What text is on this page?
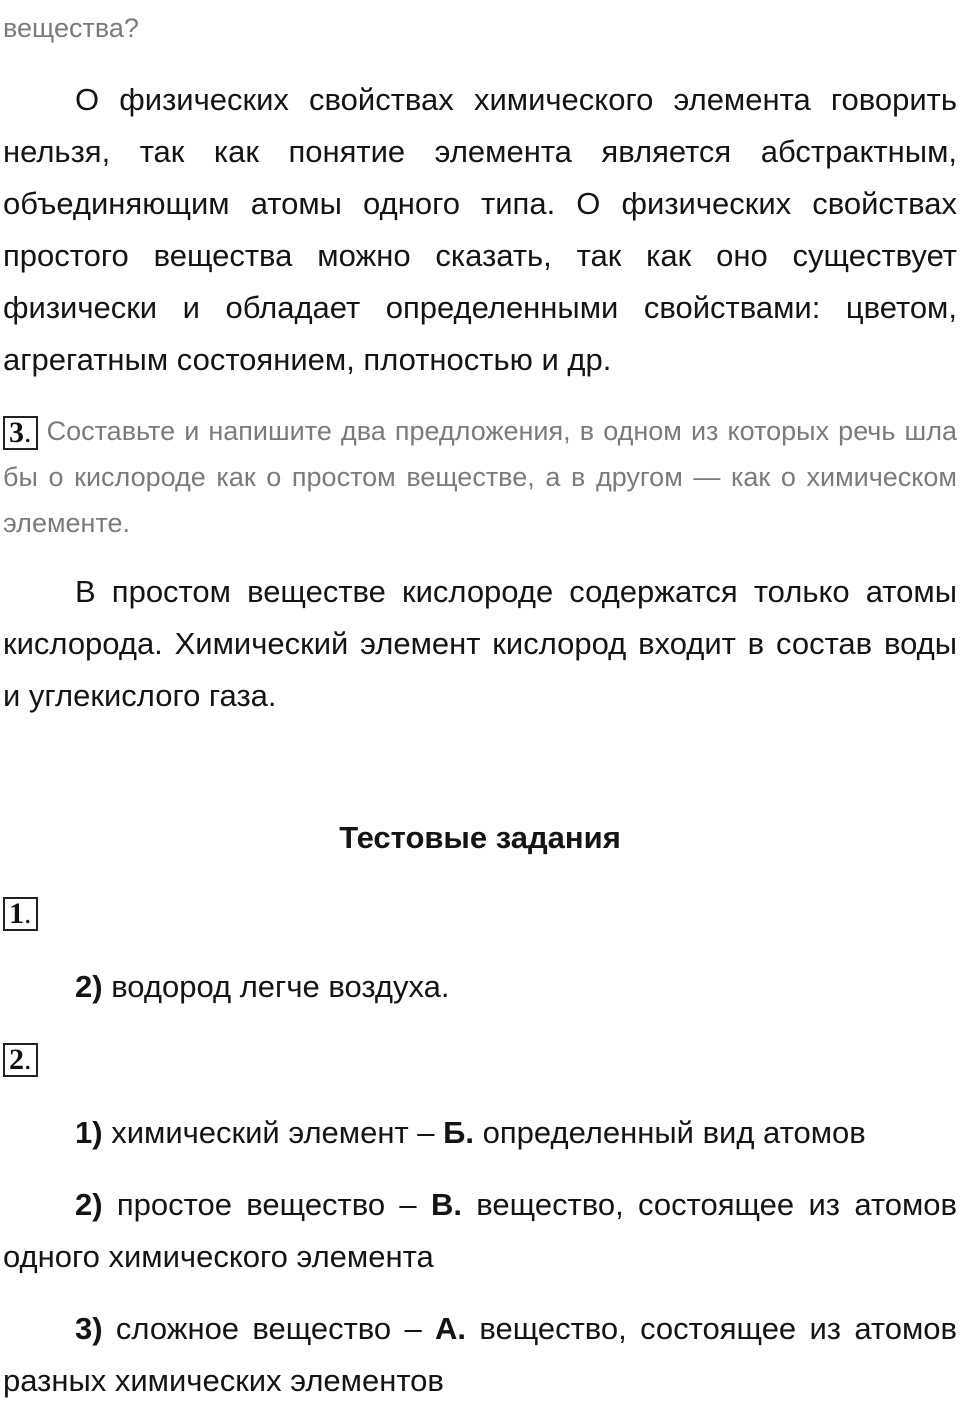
вещества?

О физических свойствах химического элемента говорить нельзя, так как понятие элемента является абстрактным, объединяющим атомы одного типа. О физических свойствах простого вещества можно сказать, так как оно существует физически и обладает определенными свойствами: цветом, агрегатным состоянием, плотностью и др.

3. Составьте и напишите два предложения, в одном из которых речь шла бы о кислороде как о простом веществе, а в другом — как о химическом элементе.

В простом веществе кислороде содержатся только атомы кислорода. Химический элемент кислород входит в состав воды и углекислого газа.

Тестовые задания

1.

2) водород легче воздуха.

2.

1) химический элемент – Б. определенный вид атомов

2) простое вещество – В. вещество, состоящее из атомов одного химического элемента

3) сложное вещество – А. вещество, состоящее из атомов разных химических элементов
